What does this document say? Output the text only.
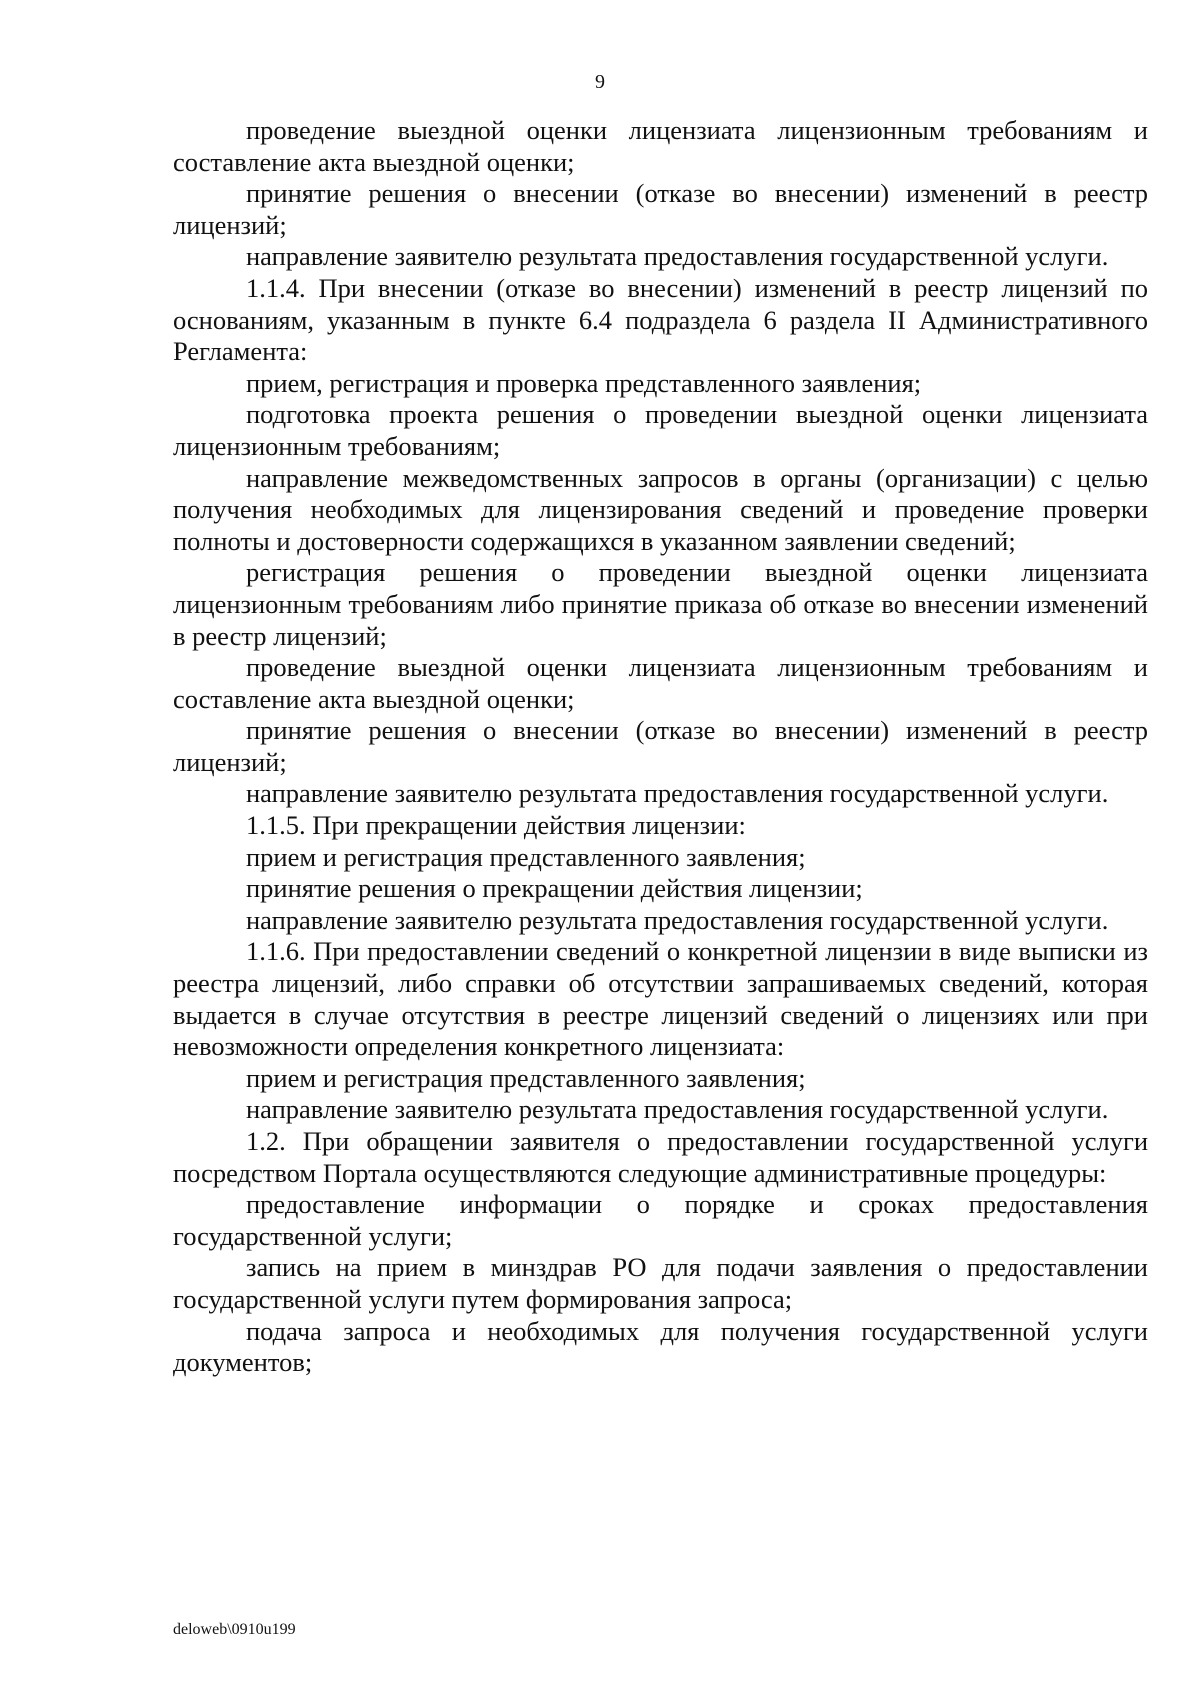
9

проведение выездной оценки лицензиата лицензионным требованиям и составление акта выездной оценки;

принятие решения о внесении (отказе во внесении) изменений в реестр лицензий;

направление заявителю результата предоставления государственной услуги.

1.1.4. При внесении (отказе во внесении) изменений в реестр лицензий по основаниям, указанным в пункте 6.4 подраздела 6 раздела II Административного Регламента:

прием, регистрация и проверка представленного заявления;

подготовка проекта решения о проведении выездной оценки лицензиата лицензионным требованиям;

направление межведомственных запросов в органы (организации) с целью получения необходимых для лицензирования сведений и проведение проверки полноты и достоверности содержащихся в указанном заявлении сведений;

регистрация решения о проведении выездной оценки лицензиата лицензионным требованиям либо принятие приказа об отказе во внесении изменений в реестр лицензий;

проведение выездной оценки лицензиата лицензионным требованиям и составление акта выездной оценки;

принятие решения о внесении (отказе во внесении) изменений в реестр лицензий;

направление заявителю результата предоставления государственной услуги.

1.1.5. При прекращении действия лицензии:

прием и регистрация представленного заявления;

принятие решения о прекращении действия лицензии;

направление заявителю результата предоставления государственной услуги.

1.1.6. При предоставлении сведений о конкретной лицензии в виде выписки из реестра лицензий, либо справки об отсутствии запрашиваемых сведений, которая выдается в случае отсутствия в реестре лицензий сведений о лицензиях или при невозможности определения конкретного лицензиата:

прием и регистрация представленного заявления;

направление заявителю результата предоставления государственной услуги.

1.2. При обращении заявителя о предоставлении государственной услуги посредством Портала осуществляются следующие административные процедуры:

предоставление информации о порядке и сроках предоставления государственной услуги;

запись на прием в минздрав РО для подачи заявления о предоставлении государственной услуги путем формирования запроса;

подача запроса и необходимых для получения государственной услуги документов;

deloweb\0910u199
